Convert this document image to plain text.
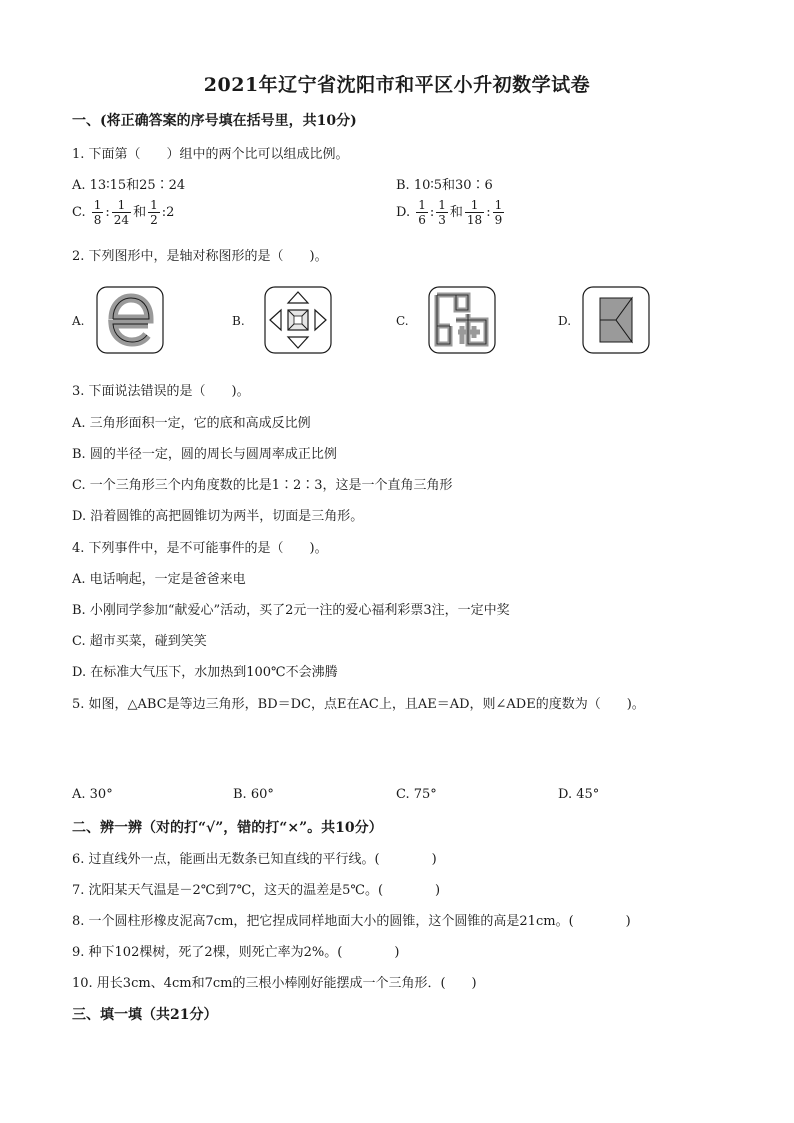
2021年辽宁省沈阳市和平区小升初数学试卷
一、(将正确答案的序号填在括号里，共10分)
1. 下面第（　　）组中的两个比可以组成比例。
A. 13∶15和25∶24	B. 10∶5和30∶6
C. $\frac{1}{8}$ : $\frac{1}{24}$ 和 $\frac{1}{2}$ :2	D. $\frac{1}{6}$ : $\frac{1}{3}$ 和 $\frac{1}{18}$ : $\frac{1}{9}$
2. 下列图形中，是轴对称图形的是（　　)。
A.	B.	C.	D.
3. 下面说法错误的是（　　)。
A. 三角形面积一定，它的底和高成反比例
B. 圆的半径一定，圆的周长与圆周率成正比例
C. 一个三角形三个内角度数的比是1∶2∶3，这是一个直角三角形
D. 沿着圆锥的高把圆锥切为两半，切面是三角形。
4. 下列事件中，是不可能事件的是（　　)。
A. 电话响起，一定是爸爸来电
B. 小刚同学参加“献爱心”活动，买了2元一注的爱心福利彩票3注，一定中奖
C. 超市买菜，碰到笑笑
D. 在标准大气压下，水加热到100℃不会沸腾
5. 如图，△ABC是等边三角形，BD＝DC，点E在AC上，且AE＝AD，则∠ADE的度数为（　　)。
A. 30°	B. 60°	C. 75°	D. 45°
二、辨一辨（对的打“√”，错的打“×”。共10分）
6. 过直线外一点，能画出无数条已知直线的平行线。(　　　　)
7. 沈阳某天气温是－2℃到7℃，这天的温差是5℃。(　　　　)
8. 一个圆柱形橡皮泥高7cm，把它捏成同样地面大小的圆锥，这个圆锥的高是21cm。(　　　　)
9. 种下102棵树，死了2棵，则死亡率为2%。(　　　　)
10. 用长3cm、4cm和7cm的三根小棒刚好能摆成一个三角形．(　　)
三、填一填（共21分）
